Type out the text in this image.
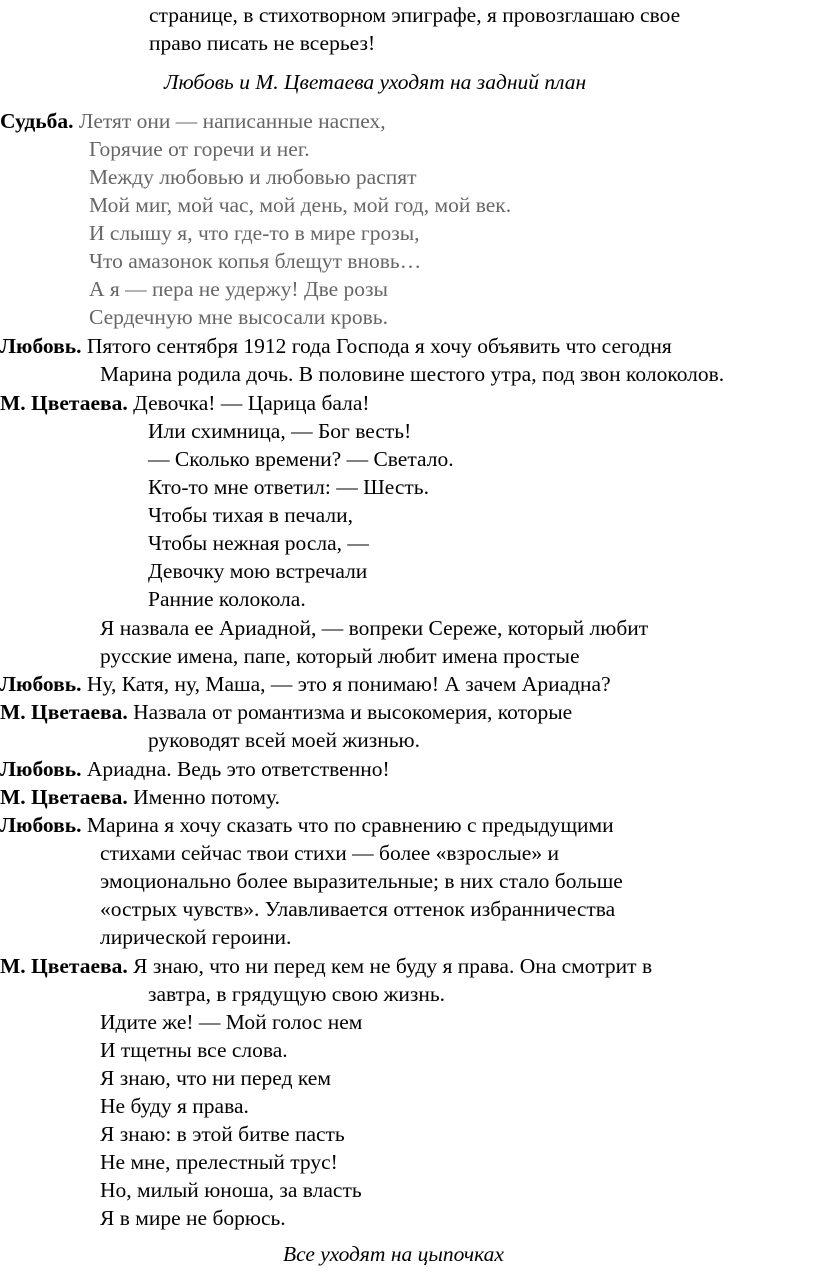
странице, в стихотворном эпиграфе, я провозглашаю свое
право писать не всерьез!
Любовь и М. Цветаева уходят на задний план
Судьба. Летят они — написанные наспех,
Горячие от горечи и нег.
Между любовью и любовью распят
Мой миг, мой час, мой день, мой год, мой век.
И слышу я, что где-то в мире грозы,
Что амазонок копья блещут вновь…
А я — пера не удержу! Две розы
Сердечную мне высосали кровь.
Любовь. Пятого сентября 1912 года Господа я хочу объявить что сегодня
Марина родила дочь. В половине шестого утра, под звон колоколов.
М. Цветаева. Девочка! — Царица бала!
Или схимница, — Бог весть!
— Сколько времени? — Светало.
Кто-то мне ответил: — Шесть.
Чтобы тихая в печали,
Чтобы нежная росла, —
Девочку мою встречали
Ранние колокола.
Я назвала ее Ариадной, — вопреки Сереже, который любит
русские имена, папе, который любит имена простые
Любовь. Ну, Катя, ну, Маша, — это я понимаю! А зачем Ариадна?
М. Цветаева. Назвала от романтизма и высокомерия, которые
руководят всей моей жизнью.
Любовь. Ариадна. Ведь это ответственно!
М. Цветаева. Именно потому.
Любовь. Марина я хочу сказать что по сравнению с предыдущими
стихами сейчас твои стихи — более «взрослые» и
эмоционально более выразительные; в них стало больше
«острых чувств». Улавливается оттенок избранничества
лирической героини.
М. Цветаева. Я знаю, что ни перед кем не буду я права. Она смотрит в
завтра, в грядущую свою жизнь.
Идите же! — Мой голос нем
И тщетны все слова.
Я знаю, что ни перед кем
Не буду я права.
Я знаю: в этой битве пасть
Не мне, прелестный трус!
Но, милый юноша, за власть
Я в мире не борюсь.
Все уходят на цыпочках
